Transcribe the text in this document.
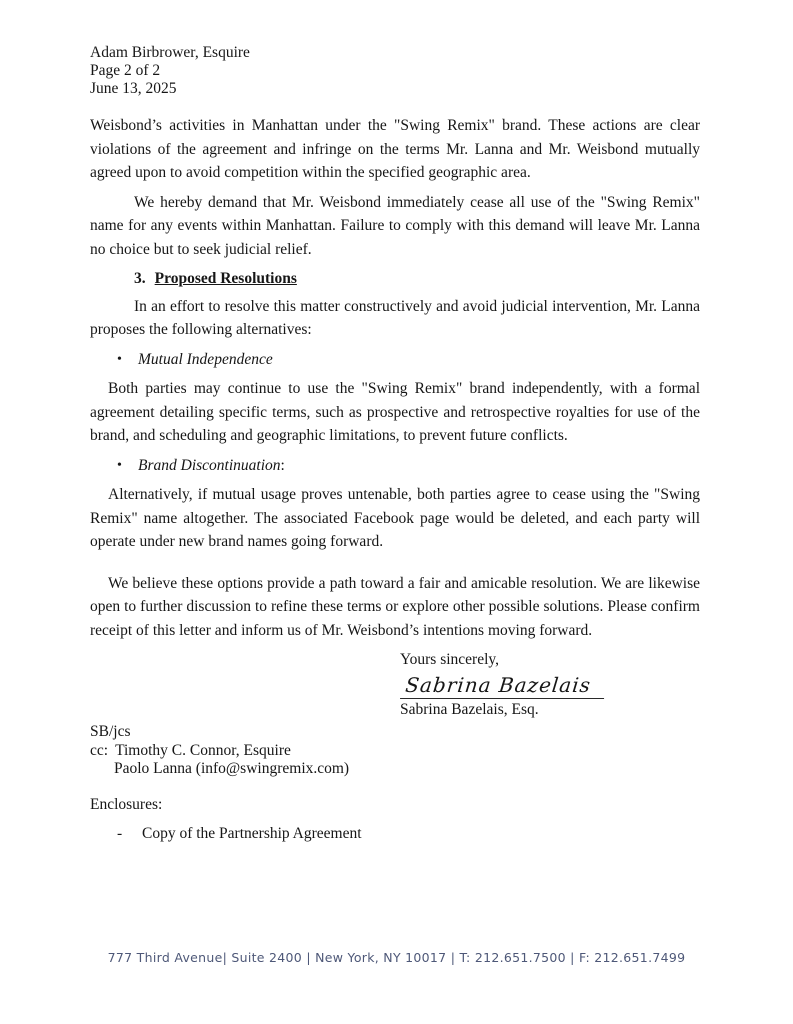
Adam Birbrower, Esquire
Page 2 of 2
June 13, 2025

Weisbond’s activities in Manhattan under the "Swing Remix" brand. These actions are clear violations of the agreement and infringe on the terms Mr. Lanna and Mr. Weisbond mutually agreed upon to avoid competition within the specified geographic area.

We hereby demand that Mr. Weisbond immediately cease all use of the "Swing Remix" name for any events within Manhattan. Failure to comply with this demand will leave Mr. Lanna no choice but to seek judicial relief.

3. Proposed Resolutions

In an effort to resolve this matter constructively and avoid judicial intervention, Mr. Lanna proposes the following alternatives:

•	Mutual Independence

Both parties may continue to use the "Swing Remix" brand independently, with a formal agreement detailing specific terms, such as prospective and retrospective royalties for use of the brand, and scheduling and geographic limitations, to prevent future conflicts.

•	Brand Discontinuation:

Alternatively, if mutual usage proves untenable, both parties agree to cease using the "Swing Remix" name altogether. The associated Facebook page would be deleted, and each party will operate under new brand names going forward.

We believe these options provide a path toward a fair and amicable resolution. We are likewise open to further discussion to refine these terms or explore other possible solutions. Please confirm receipt of this letter and inform us of Mr. Weisbond’s intentions moving forward.

Yours sincerely,
Sabrina Bazelais
Sabrina Bazelais, Esq.
SB/jcs
cc: Timothy C. Connor, Esquire
Paolo Lanna (info@swingremix.com)
Enclosures:
-	Copy of the Partnership Agreement
777 Third Avenue| Suite 2400 | New York, NY 10017 | T: 212.651.7500 | F: 212.651.7499
